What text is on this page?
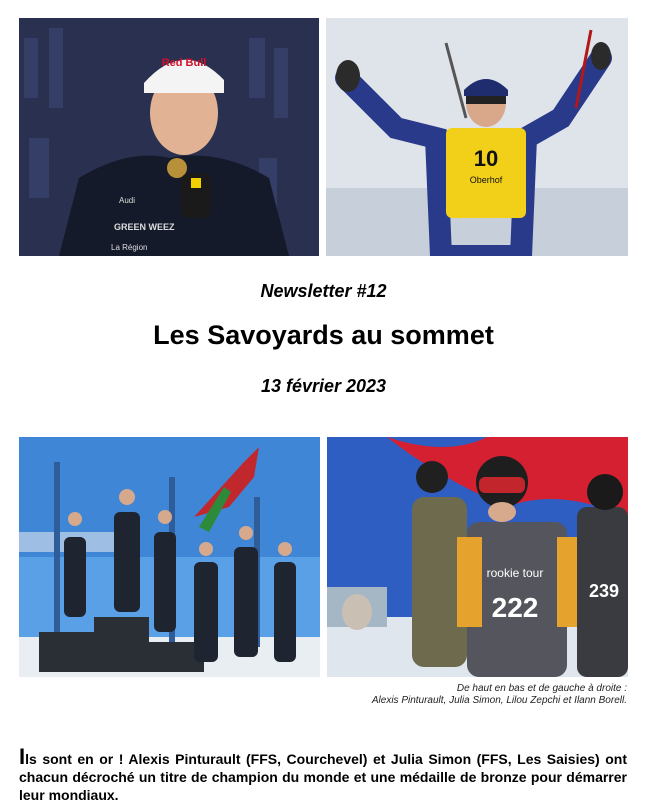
Red Bull
Audi
GREEN WEEZ
La Région
10
Oberhof
Newsletter #12
Les Savoyards au sommet
13 février 2023
rookie tour
222
239
De haut en bas et de gauche à droite :
Alexis Pinturault, Julia Simon, Lilou Zepchi et Ilann Borell.
Ils sont en or ! Alexis Pinturault (FFS, Courchevel) et Julia Simon (FFS, Les Saisies) ont chacun décroché un titre de champion du monde et une médaille de bronze pour démarrer leur mondiaux.
